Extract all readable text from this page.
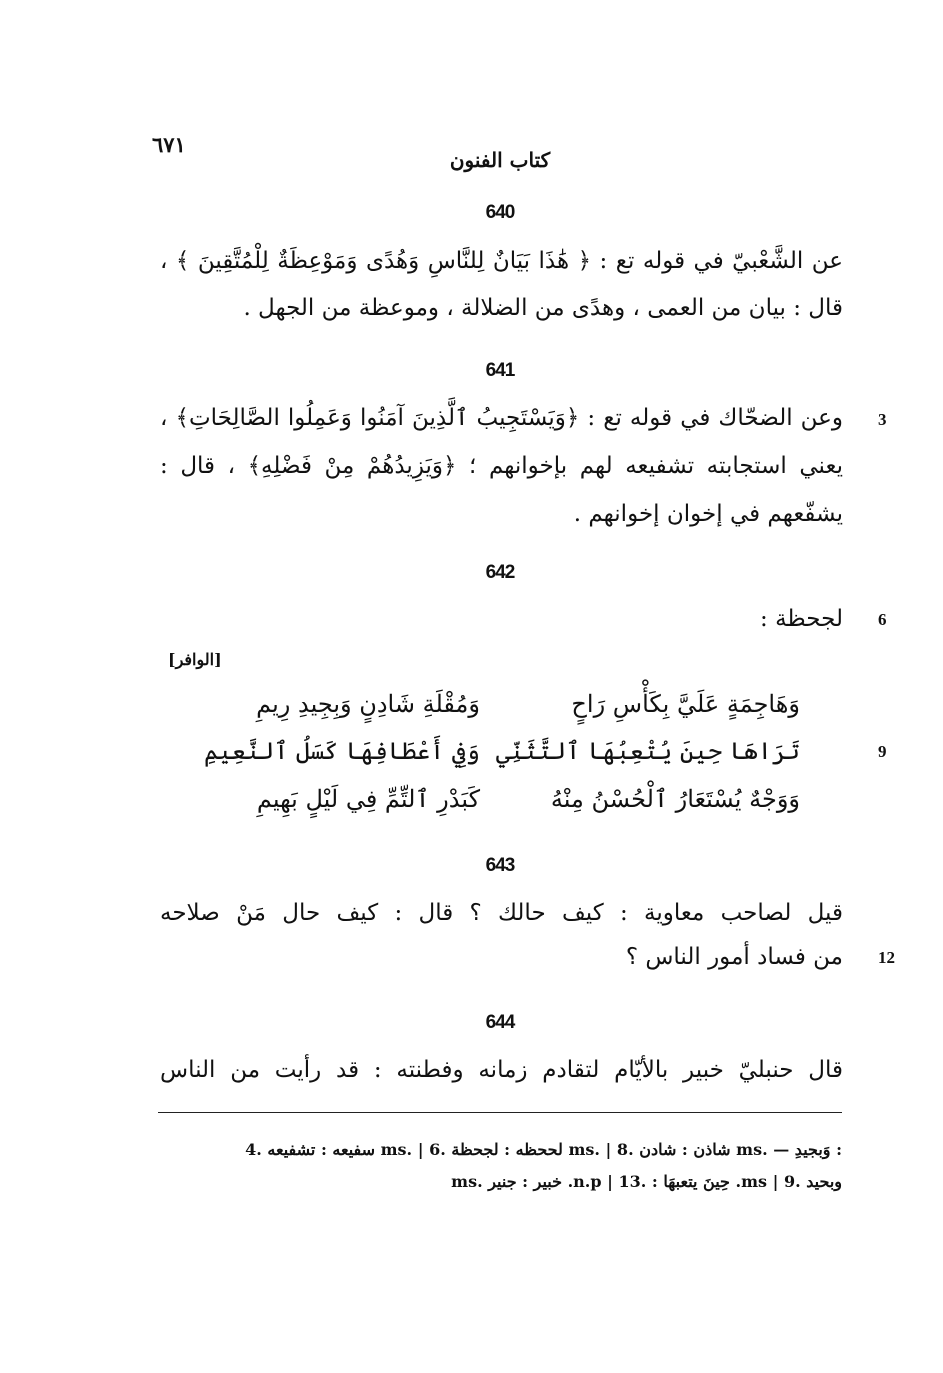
٦٧١
كتاب الفنون
640
عن الشَّعْبيّ في قوله تع : ﴿ هَٰذَا بَيَانٌ لِلنَّاسِ وَهُدًى وَمَوْعِظَةٌ لِلْمُتَّقِينَ ﴾ ،
قال : بيان من العمى ، وهدًى من الضلالة ، وموعظة من الجهل .
641
3
وعن الضحّاك في قوله تع : ﴿وَيَسْتَجِيبُ ٱلَّذِينَ آمَنُوا وَعَمِلُوا الصَّالِحَاتِ﴾ ،
يعني استجابته تشفيعه لهم بإخوانهم ؛ ﴿وَيَزِيدُهُمْ مِنْ فَضْلِهِ﴾ ، قال :
يشفّعهم في إخوان إخوانهم .
642
6
لجحظة :
[الوافر]
وَهَاجِمَةٍ عَلَيَّ بِكَأْسِ رَاحٍ
وَمُقْلَةِ شَادِنٍ وَبِجِيدِ رِيمِ
9
تَرَاهَا حِينَ يُتْعِبُهَا ٱلتَّثَنِّي
وَفِي أَعْطَافِهَا كَسَلُ ٱلنَّعِيمِ
وَوَجْهٌ يُسْتَعَارُ ٱلْحُسْنُ مِنْهُ
كَبَدْرِ ٱلتِّمِّ فِي لَيْلٍ بَهِيمِ
643
قيل لصاحب معاوية : كيف حالك ؟ قال : كيف حال مَنْ صلاحه
12
من فساد أمور الناس ؟
644
قال حنبليّ خبير بالأيّام لتقادم زمانه وفطنته : قد رأيت من الناس
: وَبجيدِ — .ms شاذن : شادن .8 | .ms لححظه : لجحظة .6 | .ms سفيعه : تشفيعه .4
وبحيد .ms | 9. حِينَ يتعبهَا : .n.p | 13. خبير : جنير .ms
